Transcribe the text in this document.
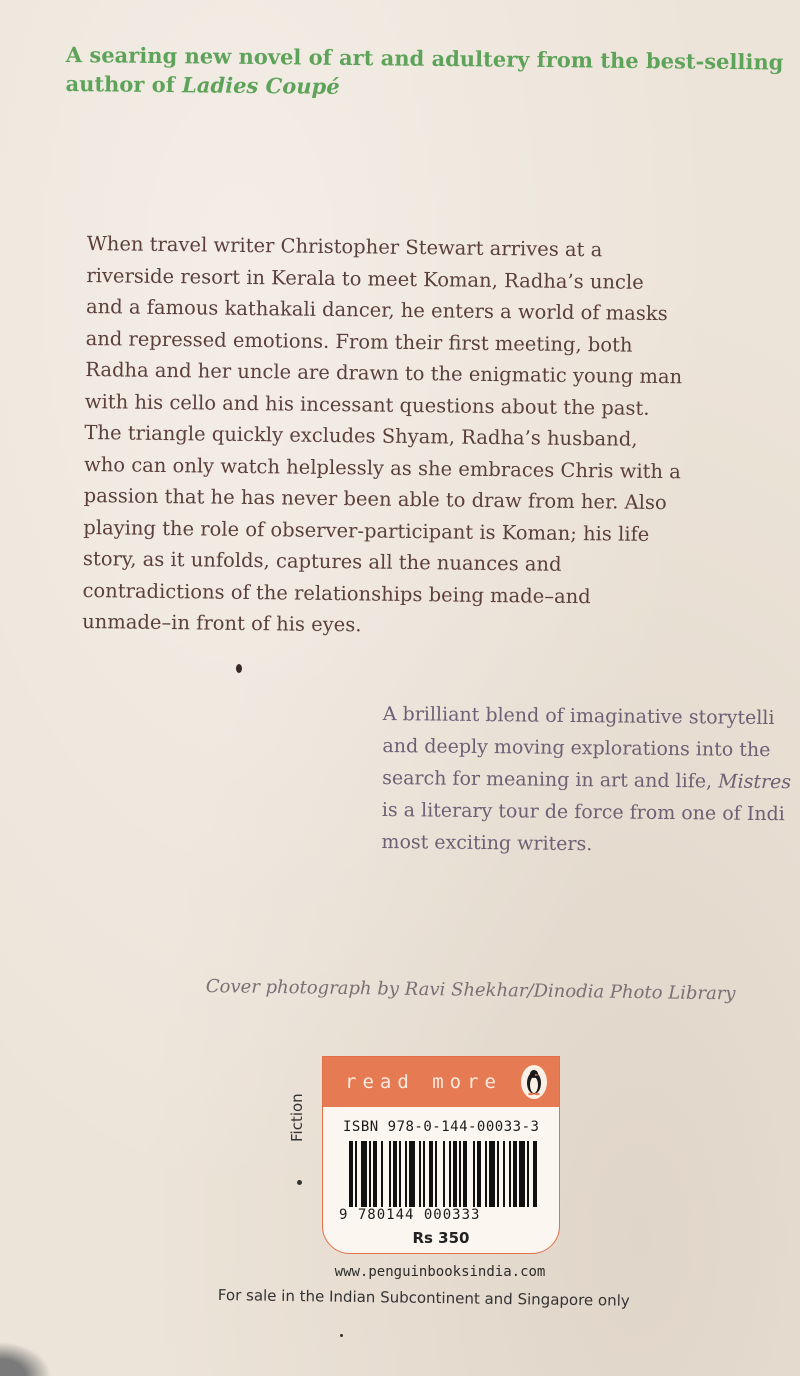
A searing new novel of art and adultery from the best-selling author of Ladies Coupé

When travel writer Christopher Stewart arrives at a riverside resort in Kerala to meet Koman, Radha’s uncle and a famous kathakali dancer, he enters a world of masks and repressed emotions. From their first meeting, both Radha and her uncle are drawn to the enigmatic young man with his cello and his incessant questions about the past. The triangle quickly excludes Shyam, Radha’s husband, who can only watch helplessly as she embraces Chris with a passion that he has never been able to draw from her. Also playing the role of observer-participant is Koman; his life story, as it unfolds, captures all the nuances and contradictions of the relationships being made–and unmade–in front of his eyes.

A brilliant blend of imaginative storytelli
and deeply moving explorations into the
search for meaning in art and life, Mistres
is a literary tour de force from one of Indi
most exciting writers.
Cover photograph by Ravi Shekhar/Dinodia Photo Library
Fiction
read more
ISBN 978-0-144-00033-3
9 780144 000333
Rs 350
www.penguinbooksindia.com
For sale in the Indian Subcontinent and Singapore only
